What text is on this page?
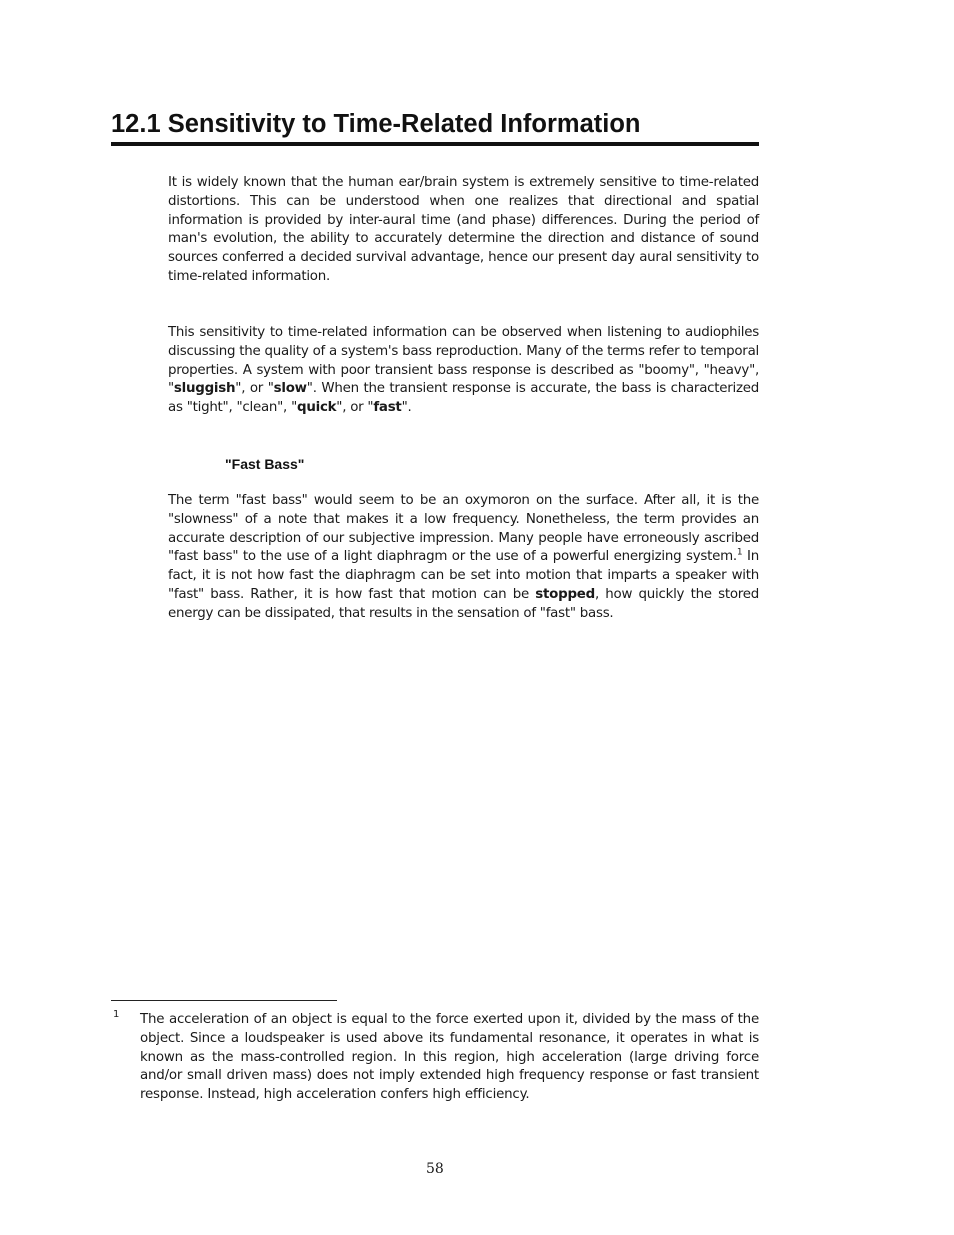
12.1 Sensitivity to Time-Related Information

It is widely known that the human ear/brain system is extremely sensitive to time-related distortions. This can be understood when one realizes that directional and spatial information is provided by inter-aural time (and phase) differences. During the period of man's evolution, the ability to accurately determine the direction and distance of sound sources conferred a decided survival advantage, hence our present day aural sensitivity to time-related information.

This sensitivity to time-related information can be observed when listening to audiophiles discussing the quality of a system's bass reproduction. Many of the terms refer to temporal properties. A system with poor transient bass response is described as "boomy", "heavy", "sluggish", or "slow". When the transient response is accurate, the bass is characterized as "tight", "clean", "quick", or "fast".

"Fast Bass"

The term "fast bass" would seem to be an oxymoron on the surface. After all, it is the "slowness" of a note that makes it a low frequency. Nonetheless, the term provides an accurate description of our subjective impression. Many people have erroneously ascribed "fast bass" to the use of a light diaphragm or the use of a powerful energizing system.$^1$ In fact, it is not how fast the diaphragm can be set into motion that imparts a speaker with "fast" bass. Rather, it is how fast that motion can be stopped, how quickly the stored energy can be dissipated, that results in the sensation of "fast" bass.

1 The acceleration of an object is equal to the force exerted upon it, divided by the mass of the object. Since a loudspeaker is used above its fundamental resonance, it operates in what is known as the mass-controlled region. In this region, high acceleration (large driving force and/or small driven mass) does not imply extended high frequency response or fast transient response. Instead, high acceleration confers high efficiency.

58
